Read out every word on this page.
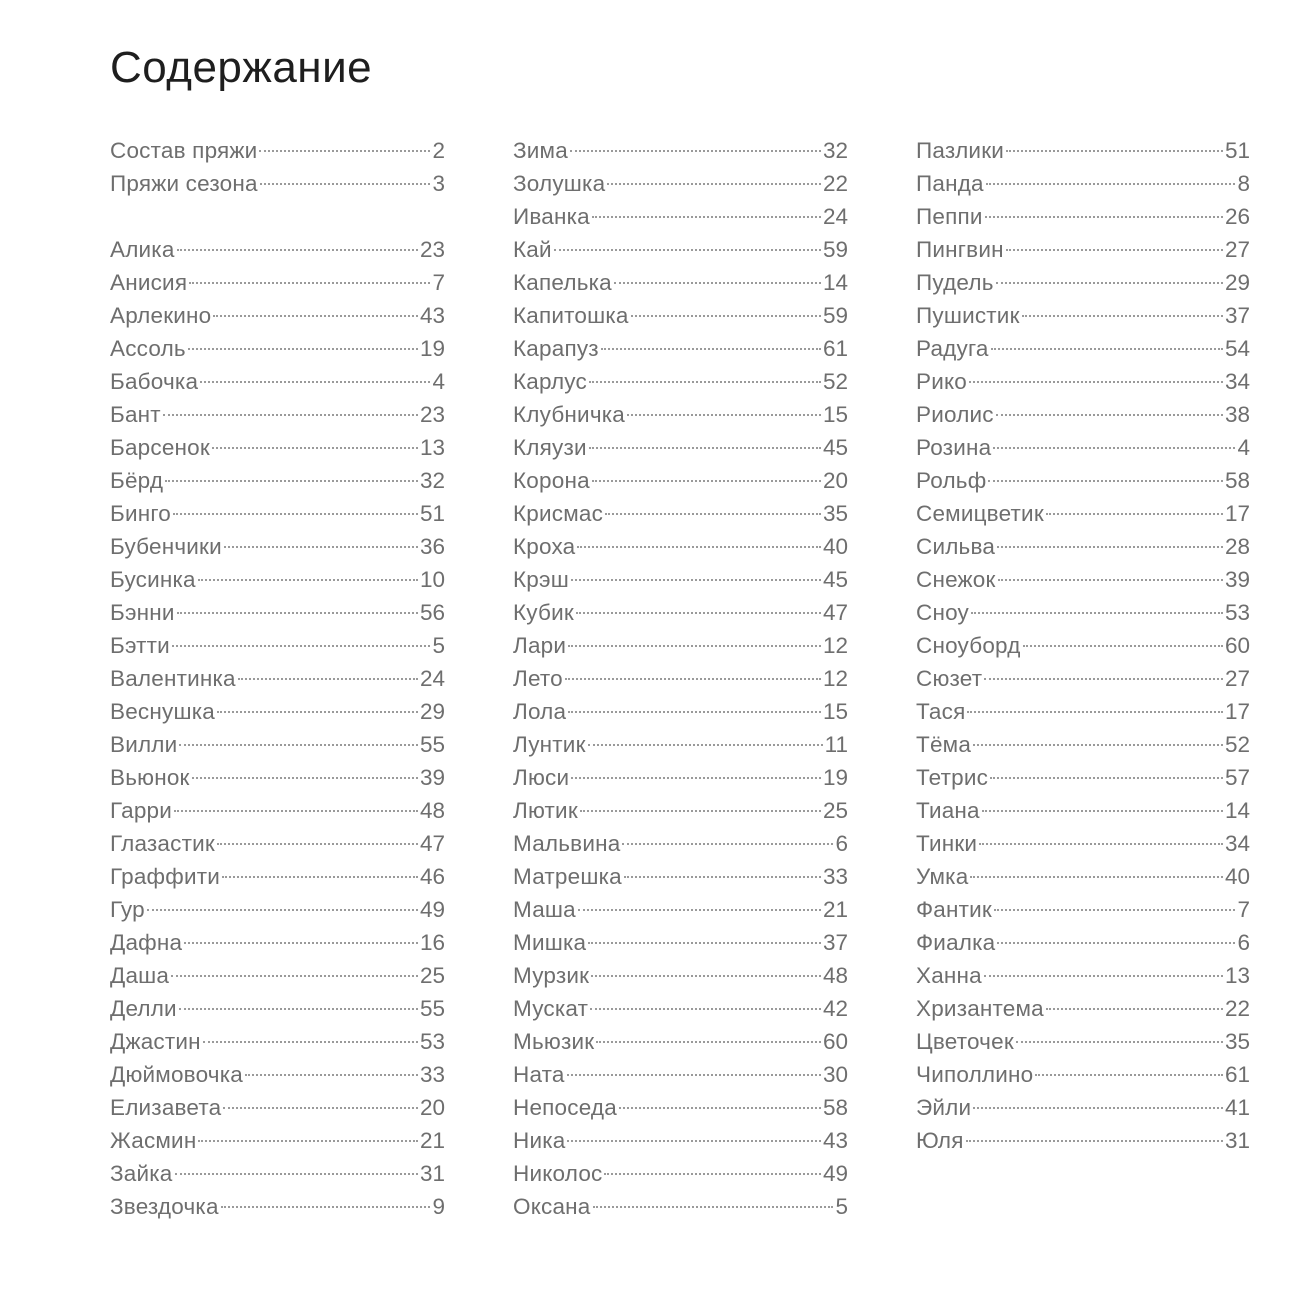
Содержание
Состав пряжи	2
Пряжи сезона	3
Алика	23
Анисия	7
Арлекино	43
Ассоль	19
Бабочка	4
Бант	23
Барсенок	13
Бёрд	32
Бинго	51
Бубенчики	36
Бусинка	10
Бэнни	56
Бэтти	5
Валентинка	24
Веснушка	29
Вилли	55
Вьюнок	39
Гарри	48
Глазастик	47
Граффити	46
Гур	49
Дафна	16
Даша	25
Делли	55
Джастин	53
Дюймовочка	33
Елизавета	20
Жасмин	21
Зайка	31
Звездочка	9
Зима	32
Золушка	22
Иванка	24
Кай	59
Капелька	14
Капитошка	59
Карапуз	61
Карлус	52
Клубничка	15
Кляузи	45
Корона	20
Крисмас	35
Кроха	40
Крэш	45
Кубик	47
Лари	12
Лето	12
Лола	15
Лунтик	11
Люси	19
Лютик	25
Мальвина	6
Матрешка	33
Маша	21
Мишка	37
Мурзик	48
Мускат	42
Мьюзик	60
Ната	30
Непоседа	58
Ника	43
Николос	49
Оксана	5
Пазлики	51
Панда	8
Пеппи	26
Пингвин	27
Пудель	29
Пушистик	37
Радуга	54
Рико	34
Риолис	38
Розина	4
Рольф	58
Семицветик	17
Сильва	28
Снежок	39
Сноу	53
Сноуборд	60
Сюзет	27
Тася	17
Тёма	52
Тетрис	57
Тиана	14
Тинки	34
Умка	40
Фантик	7
Фиалка	6
Ханна	13
Хризантема	22
Цветочек	35
Чиполлино	61
Эйли	41
Юля	31
